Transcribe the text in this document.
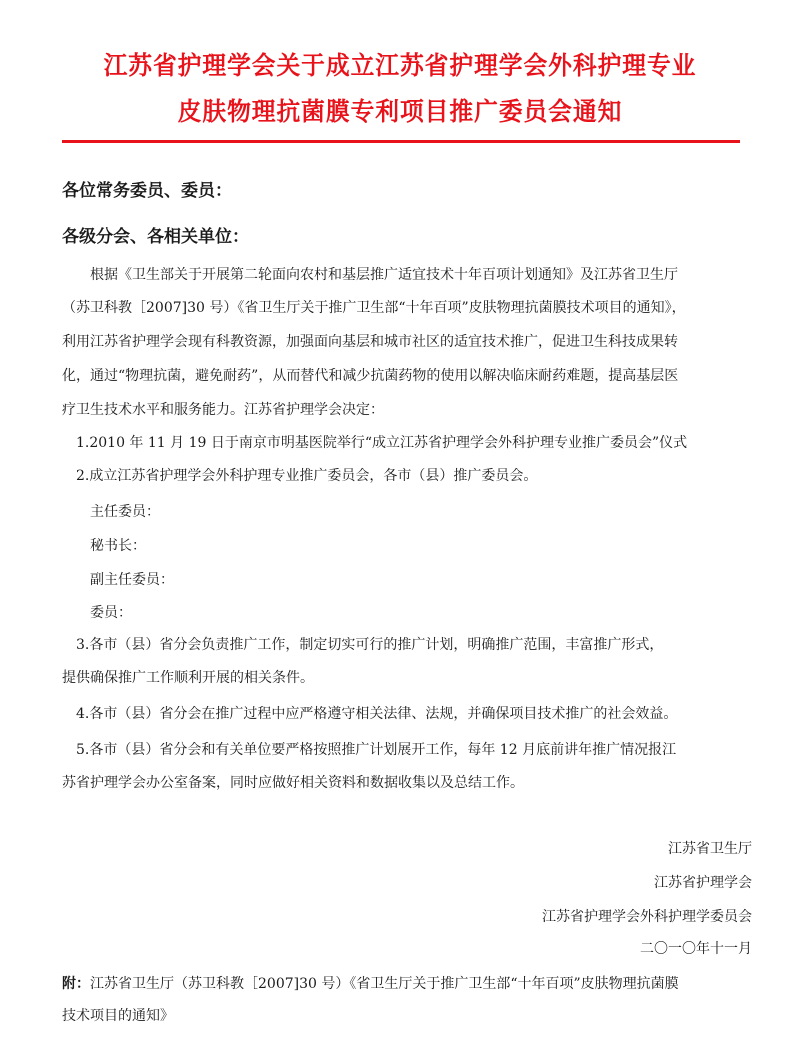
江苏省护理学会关于成立江苏省护理学会外科护理专业
皮肤物理抗菌膜专利项目推广委员会通知
各位常务委员、委员：
各级分会、各相关单位：
根据《卫生部关于开展第二轮面向农村和基层推广适宜技术十年百项计划通知》及江苏省卫生厅
（苏卫科教［2007]30 号）《省卫生厅关于推广卫生部“十年百项”皮肤物理抗菌膜技术项目的通知》，
利用江苏省护理学会现有科教资源，加强面向基层和城市社区的适宜技术推广，促进卫生科技成果转
化，通过“物理抗菌，避免耐药”，从而替代和减少抗菌药物的使用以解决临床耐药难题，提高基层医
疗卫生技术水平和服务能力。江苏省护理学会决定：
1.2010 年 11 月 19 日于南京市明基医院举行“成立江苏省护理学会外科护理专业推广委员会”仪式
2.成立江苏省护理学会外科护理专业推广委员会，各市（县）推广委员会。
主任委员：
秘书长：
副主任委员：
委员：
3.各市（县）省分会负责推广工作，制定切实可行的推广计划，明确推广范围，丰富推广形式，
提供确保推广工作顺利开展的相关条件。
4.各市（县）省分会在推广过程中应严格遵守相关法律、法规，并确保项目技术推广的社会效益。
5.各市（县）省分会和有关单位要严格按照推广计划展开工作，每年 12 月底前讲年推广情况报江
苏省护理学会办公室备案，同时应做好相关资料和数据收集以及总结工作。
江苏省卫生厅
江苏省护理学会
江苏省护理学会外科护理学委员会
二〇一〇年十一月
附：江苏省卫生厅（苏卫科教［2007]30 号）《省卫生厅关于推广卫生部“十年百项”皮肤物理抗菌膜
技术项目的通知》
